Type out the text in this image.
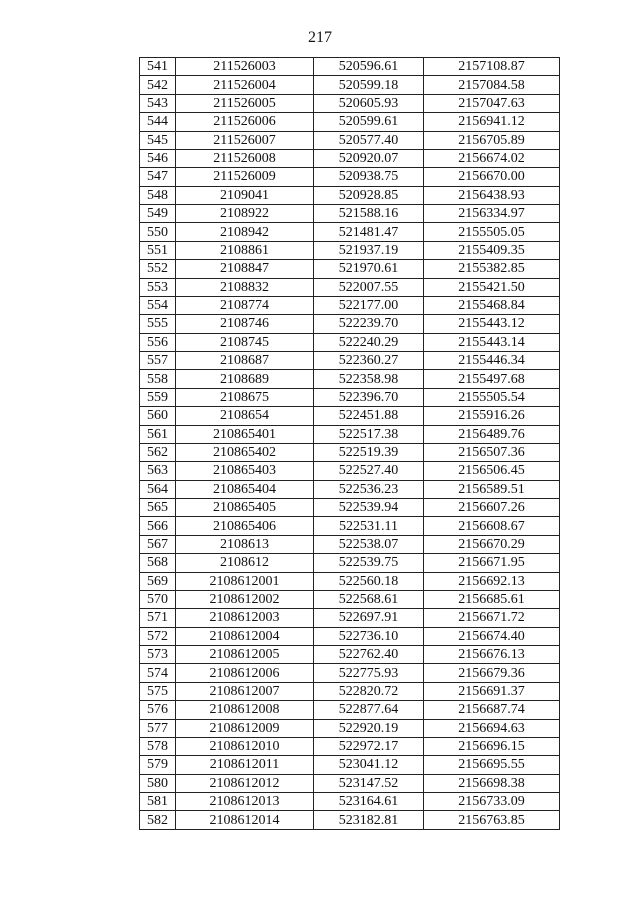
217
541	211526003	520596.61	2157108.87
542	211526004	520599.18	2157084.58
543	211526005	520605.93	2157047.63
544	211526006	520599.61	2156941.12
545	211526007	520577.40	2156705.89
546	211526008	520920.07	2156674.02
547	211526009	520938.75	2156670.00
548	2109041	520928.85	2156438.93
549	2108922	521588.16	2156334.97
550	2108942	521481.47	2155505.05
551	2108861	521937.19	2155409.35
552	2108847	521970.61	2155382.85
553	2108832	522007.55	2155421.50
554	2108774	522177.00	2155468.84
555	2108746	522239.70	2155443.12
556	2108745	522240.29	2155443.14
557	2108687	522360.27	2155446.34
558	2108689	522358.98	2155497.68
559	2108675	522396.70	2155505.54
560	2108654	522451.88	2155916.26
561	210865401	522517.38	2156489.76
562	210865402	522519.39	2156507.36
563	210865403	522527.40	2156506.45
564	210865404	522536.23	2156589.51
565	210865405	522539.94	2156607.26
566	210865406	522531.11	2156608.67
567	2108613	522538.07	2156670.29
568	2108612	522539.75	2156671.95
569	2108612001	522560.18	2156692.13
570	2108612002	522568.61	2156685.61
571	2108612003	522697.91	2156671.72
572	2108612004	522736.10	2156674.40
573	2108612005	522762.40	2156676.13
574	2108612006	522775.93	2156679.36
575	2108612007	522820.72	2156691.37
576	2108612008	522877.64	2156687.74
577	2108612009	522920.19	2156694.63
578	2108612010	522972.17	2156696.15
579	2108612011	523041.12	2156695.55
580	2108612012	523147.52	2156698.38
581	2108612013	523164.61	2156733.09
582	2108612014	523182.81	2156763.85
